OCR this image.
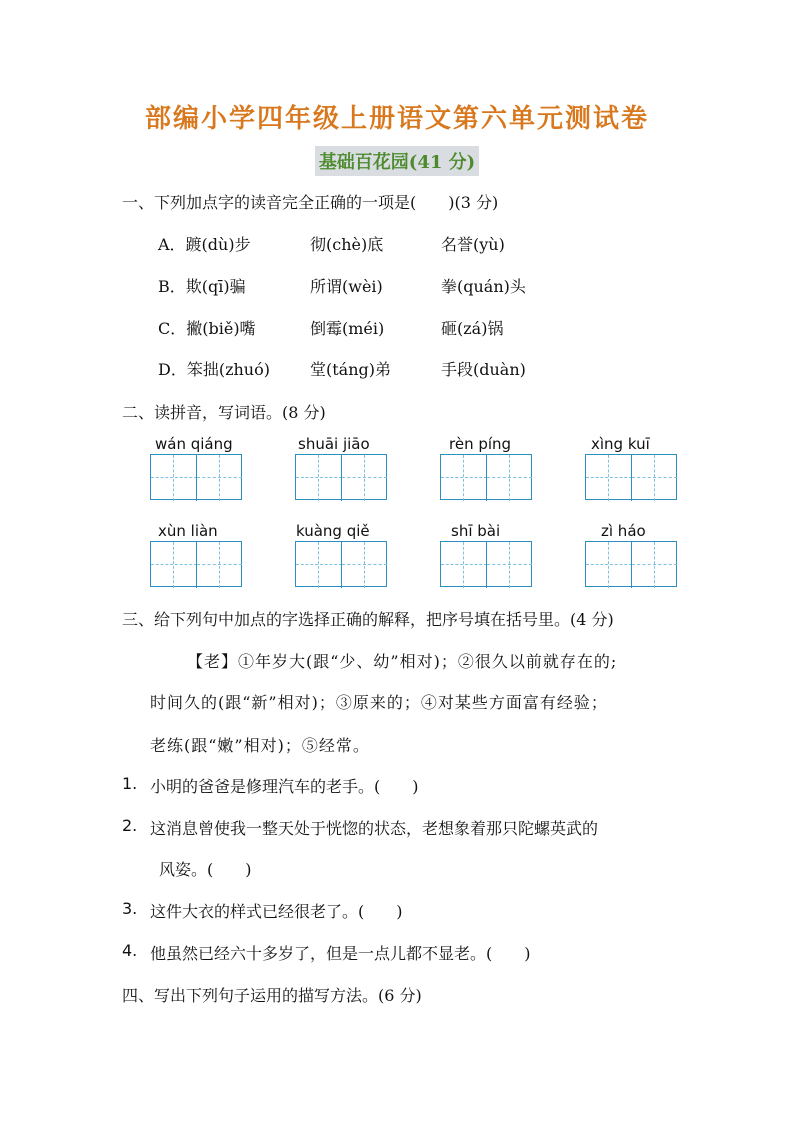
部编小学四年级上册语文第六单元测试卷
基础百花园(41 分)
一、下列加点字的读音完全正确的一项是(　　)(3 分)
A．踱(dù)步	彻(chè)底	名誉(yù)
B．欺(qī)骗	所谓(wèi)	拳(quán)头
C．撇(biě)嘴	倒霉(méi)	砸(zá)锅
D．笨拙(zhuó)	堂(táng)弟	手段(duàn)
二、读拼音，写词语。(8 分)
wán qiáng	shuāi jiāo	rèn píng	xìng kuī
xùn liàn	kuàng qiě	shī bài	zì háo
三、给下列句中加点的字选择正确的解释，把序号填在括号里。(4 分)
【老】①年岁大(跟“少、幼”相对)；②很久以前就存在的;
时间久的(跟“新”相对)；③原来的；④对某些方面富有经验；
老练(跟“嫩”相对)；⑤经常。
1. 小明的爸爸是修理汽车的老手。(　　)
2. 这消息曾使我一整天处于恍惚的状态，老想象着那只陀螺英武的
风姿。(　　)
3. 这件大衣的样式已经很老了。(　　)
4. 他虽然已经六十多岁了，但是一点儿都不显老。(　　)
四、写出下列句子运用的描写方法。(6 分)
